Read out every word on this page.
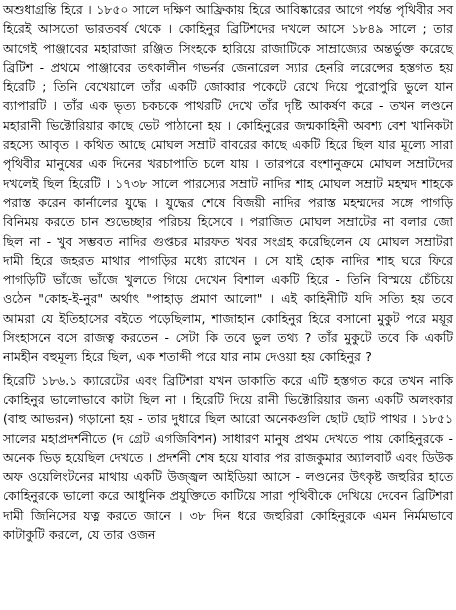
অশুধাগ্রন্তি হিরে । ১৮৫০ সালে দক্ষিণ আফ্রিকায় হিরে আবিষ্কারের আগে পর্যন্ত পৃথিবীর সব হিরেই আসতো ভারতবর্ষ থেকে । কোহিনুর ব্রিটিশদের দখলে আসে ১৮৪৯ সালে ; তার আগেই পাঞ্জাবের মহারাজা রঞ্জিত সিংহকে হারিয়ে রাজাটিকে সাম্রাজ্যের অন্তর্ভুক্ত করেছে ব্রিটিশ - প্রথমে পাঞ্জাবের তৎকালীন গভর্নর জেনারেল স্যার হেনরি লরেন্সের হস্তগত হয় হিরেটি ; তিনি বেখেয়ালে তাঁর একটি জোব্বার পকেটে রেখে দিয়ে পুরোপুরি ভুলে যান ব্যাপারটি । তাঁর এক ভৃত্য চকচকে পাথরটি দেখে তাঁর দৃষ্টি আকর্ষণ করে - তখন লণ্ডনে মহারানী ভিক্টোরিয়ার কাছে ভেট পাঠানো হয় । কোহিনুরের জন্মকাহিনী অবশ্য বেশ খানিকটা রহস্যে আবৃত । কথিত আছে মোঘল সম্রাট বাবরের কাছে একটি হিরে ছিল যার মূল্যে সারা পৃথিবীর মানুষের এক দিনের খরচাপাতি চলে যায় । তারপরে বংশানুক্রমে মোঘল সম্রাটদের দখলেই ছিল হিরেটি । ১৭৩৮ সালে পারস্যের সম্রাট নাদির শাহ মোঘল সম্রাট মহম্মদ শাহকে পরাস্ত করেন কার্নালের যুদ্ধে । যুদ্ধের শেষে বিজয়ী নাদির পরাস্ত মহম্মদের সঙ্গে পাগড়ি বিনিময় করতে চান শুভেচ্ছার পরিচয় হিসেবে । পরাজিত মোঘল সম্রাটের না বলার জো ছিল না - খুব সম্ভবত নাদির গুপ্তচর মারফত খবর সংগ্রহ করেছিলেন যে মোঘল সম্রাটরা দামী হিরে জহরত মাথার পাগড়ির মধ্যে রাখেন । সে যাই হোক নাদির শাহ ঘরে ফিরে পাগড়িটি ভাঁজে ভাঁজে খুলতে গিয়ে দেখেন বিশাল একটি হিরে - তিনি বিস্ময়ে চেঁচিয়ে ওঠেন "কোহ-ই-নুর" অর্থাৎ "পাহাড় প্রমাণ আলো" । এই কাহিনীটি যদি সত্যি হয় তবে আমরা যে ইতিহাসের বইতে পড়েছিলাম, শাজাহান কোহিনুর হিরে বসানো মুকুট পরে ময়ূর সিংহাসনে বসে রাজত্ব করতেন - সেটা কি তবে ভুল তথ্য ? তাঁর মুকুটে তবে কি একটি নামহীন বহুমূল্য হিরে ছিল, এক শতাব্দী পরে যার নাম দেওয়া হয় কোহিনুর ?

হিরেটি ১৮৬.১ ক্যারেটের এবং ব্রিটিশরা যখন ডাকাতি করে এটি হস্তগত করে তখন নাকি কোহিনুর ভালোভাবে কাটা ছিল না । হিরেটি দিয়ে রানী ভিক্টোরিয়ার জন্য একটি অলংকার (বাহু আভরন) গড়ানো হয় - তার দুধারে ছিল আরো অনেকগুলি ছোট ছোট পাথর । ১৮৫১ সালের মহাপ্রদর্শনীতে (দ গ্রেট এগজিবিশন) সাধারণ মানুষ প্রথম দেখতে পায় কোহিনুরকে - অনেক ভিড় হয়েছিল দেখতে । প্রদর্শনী শেষ হয়ে যাবার পর রাজকুমার অ্যালবার্ট এবং ডিউক অফ ওয়েলিংটনের মাথায় একটি উজ্জ্বল আইডিয়া আসে - লণ্ডনের উৎকৃষ্ট জহুরির হাতে কোহিনুরকে ভালো করে আধুনিক প্রযুক্তিতে কাটিয়ে সারা পৃথিবীকে দেখিয়ে দেবেন ব্রিটিশরা দামী জিনিসের যত্ন করতে জানে । ৩৮ দিন ধরে জহুরিরা কোহিনুরকে এমন নির্মমভাবে কাটাকুটি করলে, যে তার ওজন
